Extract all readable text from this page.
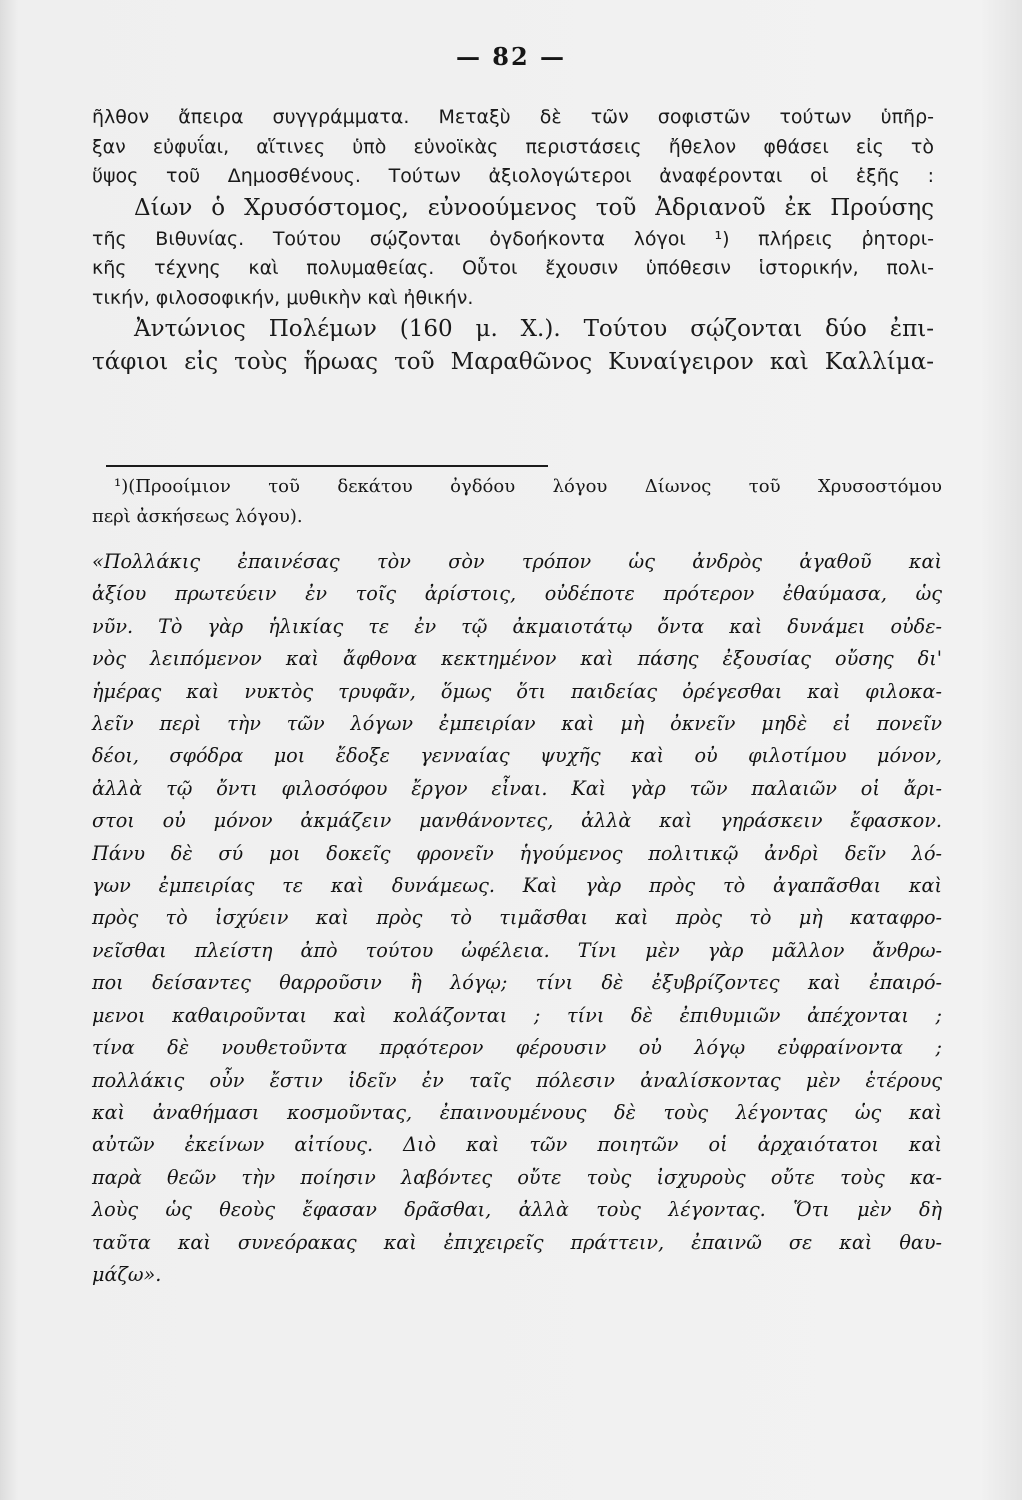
— 82 —

ῆλθον ἄπειρα συγγράμματα. Μεταξὺ δὲ τῶν σοφιστῶν τούτων ὑπῆρ-

ξαν εὐφυΐαι, αἵτινες ὑπὸ εὐνοϊκὰς περιστάσεις ἤθελον φθάσει εἰς τὸ

ὕψος τοῦ Δημοσθένους. Τούτων ἀξιολογώτεροι ἀναφέρονται οἱ ἑξῆς :

Δίων ὁ Χρυσόστομος, εὐνοούμενος τοῦ Ἀδριανοῦ ἐκ Προύσης

τῆς Βιθυνίας. Τούτου σῴζονται ὀγδοήκοντα λόγοι ¹) πλήρεις ῥητορι-

κῆς τέχνης καὶ πολυμαθείας. Οὗτοι ἔχουσιν ὑπόθεσιν ἱστορικήν, πολι-

τικήν, φιλοσοφικήν, μυθικὴν καὶ ἠθικήν.

Ἀντώνιος Πολέμων (160 μ. Χ.). Τούτου σῴζονται δύο ἐπι-

τάφιοι εἰς τοὺς ἥρωας τοῦ Μαραθῶνος Κυναίγειρον καὶ Καλλίμα-

¹)(Προοίμιον τοῦ δεκάτου ὀγδόου λόγου Δίωνος τοῦ Χρυσοστόμου

περὶ ἀσκήσεως λόγου).

«Πολλάκις ἐπαινέσας τὸν σὸν τρόπον ὡς ἀνδρὸς ἀγαθοῦ καὶ

ἀξίου πρωτεύειν ἐν τοῖς ἀρίστοις, οὐδέποτε πρότερον ἐθαύμασα, ὡς

νῦν. Τὸ γὰρ ἡλικίας τε ἐν τῷ ἀκμαιοτάτῳ ὄντα καὶ δυνάμει οὐδε-

νὸς λειπόμενον καὶ ἄφθονα κεκτημένον καὶ πάσης ἐξουσίας οὔσης δι'

ἡμέρας καὶ νυκτὸς τρυφᾶν, ὅμως ὅτι παιδείας ὀρέγεσθαι καὶ φιλοκα-

λεῖν περὶ τὴν τῶν λόγων ἐμπειρίαν καὶ μὴ ὀκνεῖν μηδὲ εἰ πονεῖν

δέοι, σφόδρα μοι ἔδοξε γενναίας ψυχῆς καὶ οὐ φιλοτίμου μόνον,

ἀλλὰ τῷ ὄντι φιλοσόφου ἔργον εἶναι. Καὶ γὰρ τῶν παλαιῶν οἱ ἄρι-

στοι οὐ μόνον ἀκμάζειν μανθάνοντες, ἀλλὰ καὶ γηράσκειν ἔφασκον.

Πάνυ δὲ σύ μοι δοκεῖς φρονεῖν ἡγούμενος πολιτικῷ ἀνδρὶ δεῖν λό-

γων ἐμπειρίας τε καὶ δυνάμεως. Καὶ γὰρ πρὸς τὸ ἀγαπᾶσθαι καὶ

πρὸς τὸ ἰσχύειν καὶ πρὸς τὸ τιμᾶσθαι καὶ πρὸς τὸ μὴ καταφρο-

νεῖσθαι πλείστη ἀπὸ τούτου ὠφέλεια. Τίνι μὲν γὰρ μᾶλλον ἄνθρω-

ποι δείσαντες θαρροῦσιν ἢ λόγῳ; τίνι δὲ ἐξυβρίζοντες καὶ ἐπαιρό-

μενοι καθαιροῦνται καὶ κολάζονται ; τίνι δὲ ἐπιθυμιῶν ἀπέχονται ;

τίνα δὲ νουθετοῦντα πρᾳότερον φέρουσιν οὐ λόγῳ εὐφραίνοντα ;

πολλάκις οὖν ἔστιν ἰδεῖν ἐν ταῖς πόλεσιν ἀναλίσκοντας μὲν ἑτέρους

καὶ ἀναθήμασι κοσμοῦντας, ἐπαινουμένους δὲ τοὺς λέγοντας ὡς καὶ

αὐτῶν ἐκείνων αἰτίους. Διὸ καὶ τῶν ποιητῶν οἱ ἀρχαιότατοι καὶ

παρὰ θεῶν τὴν ποίησιν λαβόντες οὔτε τοὺς ἰσχυροὺς οὔτε τοὺς κα-

λοὺς ὡς θεοὺς ἔφασαν δρᾶσθαι, ἀλλὰ τοὺς λέγοντας. Ὅτι μὲν δὴ

ταῦτα καὶ συνεόρακας καὶ ἐπιχειρεῖς πράττειν, ἐπαινῶ σε καὶ θαυ-

μάζω».
